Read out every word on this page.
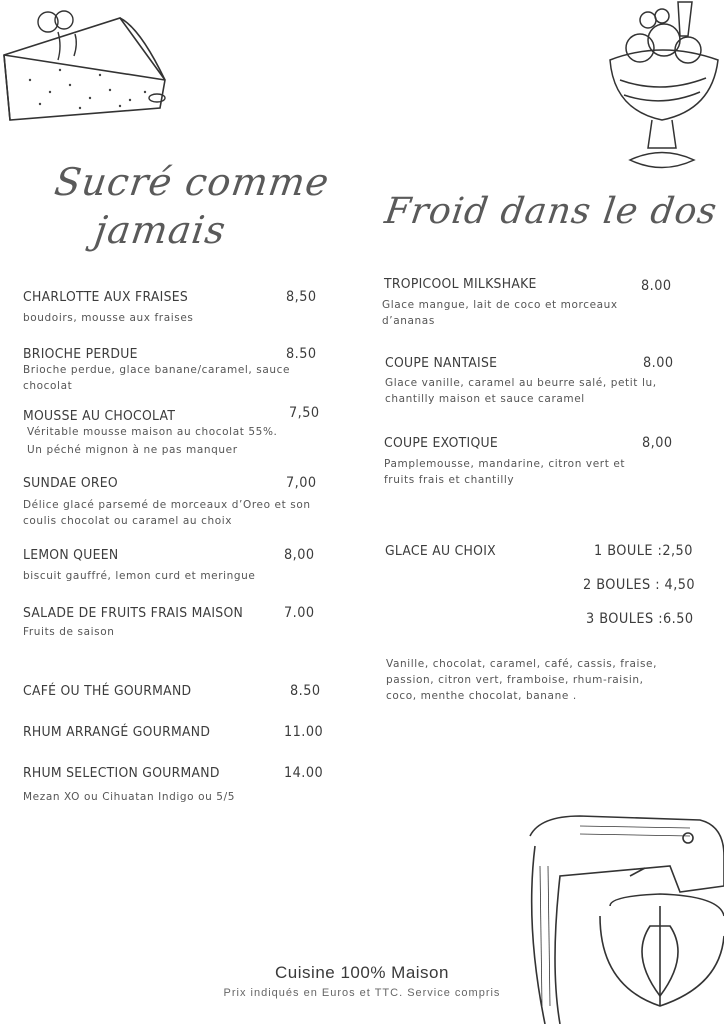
Sucré comme
jamais
CHARLOTTE AUX FRAISES	8,50
boudoirs, mousse aux fraises
BRIOCHE PERDUE	8.50
Brioche perdue, glace banane/caramel, sauce chocolat
MOUSSE AU CHOCOLAT	7,50
Véritable mousse maison au chocolat 55%.
Un péché mignon à ne pas manquer
SUNDAE OREO	7,00
Délice glacé parsemé de morceaux d’Oreo et son coulis chocolat ou caramel au choix
LEMON QUEEN	8,00
biscuit gauffré, lemon curd et meringue
SALADE DE FRUITS FRAIS MAISON	7.00
Fruits de saison
CAFÉ OU THÉ GOURMAND	8.50
RHUM ARRANGÉ GOURMAND	11.00
RHUM SELECTION GOURMAND	14.00
Mezan XO ou Cihuatan Indigo ou 5/5
Froid dans le dos
TROPICOOL MILKSHAKE	8.00
Glace mangue, lait de coco et morceaux d’ananas
COUPE NANTAISE	8.00
Glace vanille, caramel au beurre salé, petit lu, chantilly maison et sauce caramel
COUPE EXOTIQUE	8,00
Pamplemousse, mandarine, citron vert et fruits frais et chantilly
GLACE AU CHOIX	1 BOULE :2,50
2 BOULES : 4,50
3 BOULES :6.50
Vanille, chocolat, caramel, café, cassis, fraise, passion, citron vert, framboise, rhum-raisin, coco, menthe chocolat, banane .
Cuisine 100% Maison
Prix indiqués en Euros et TTC. Service compris
